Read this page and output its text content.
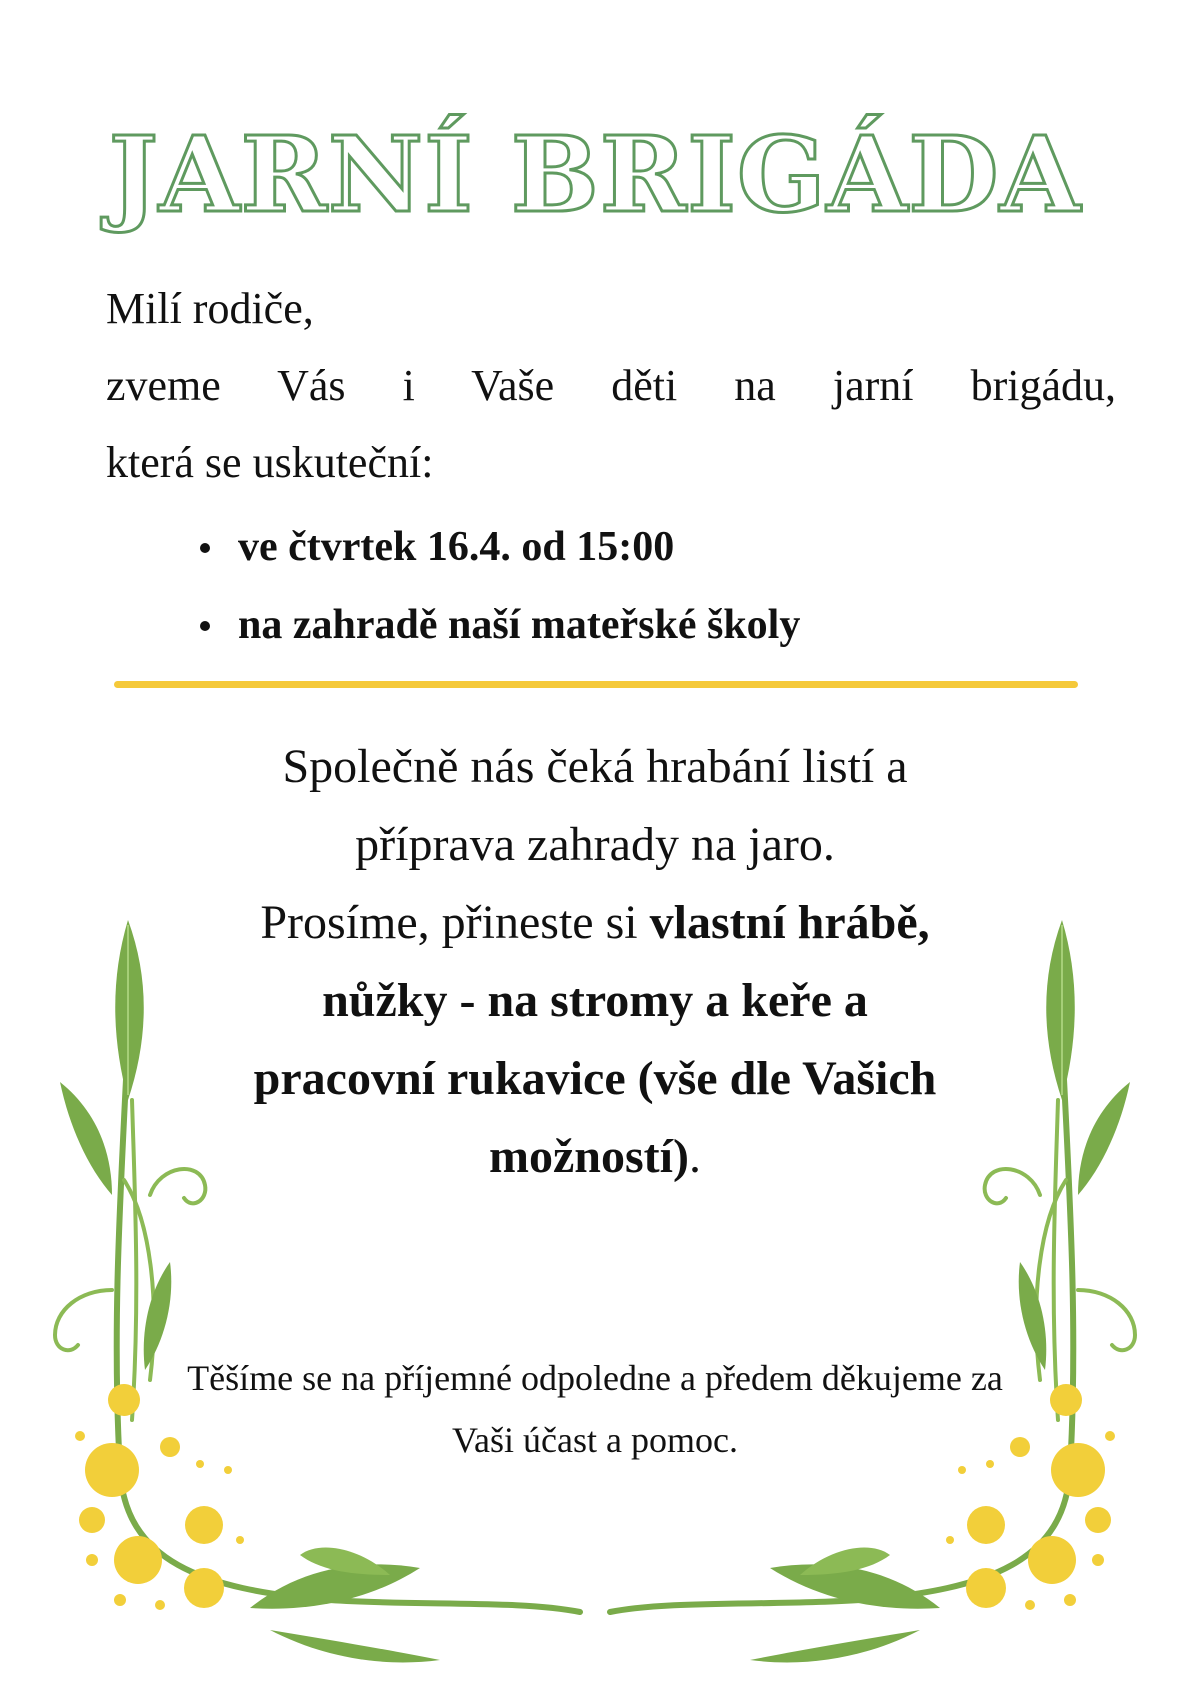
JARNÍ BRIGÁDA
Milí rodiče,
zveme Vás i Vaše děti na jarní brigádu,
která se uskuteční:
ve čtvrtek 16.4. od 15:00
na zahradě naší mateřské školy
Společně nás čeká hrabání listí a příprava zahrady na jaro.
Prosíme, přineste si vlastní hrábě, nůžky - na stromy a keře a pracovní rukavice (vše dle Vašich možností).
Těšíme se na příjemné odpoledne a předem děkujeme za Vaši účast a pomoc.
